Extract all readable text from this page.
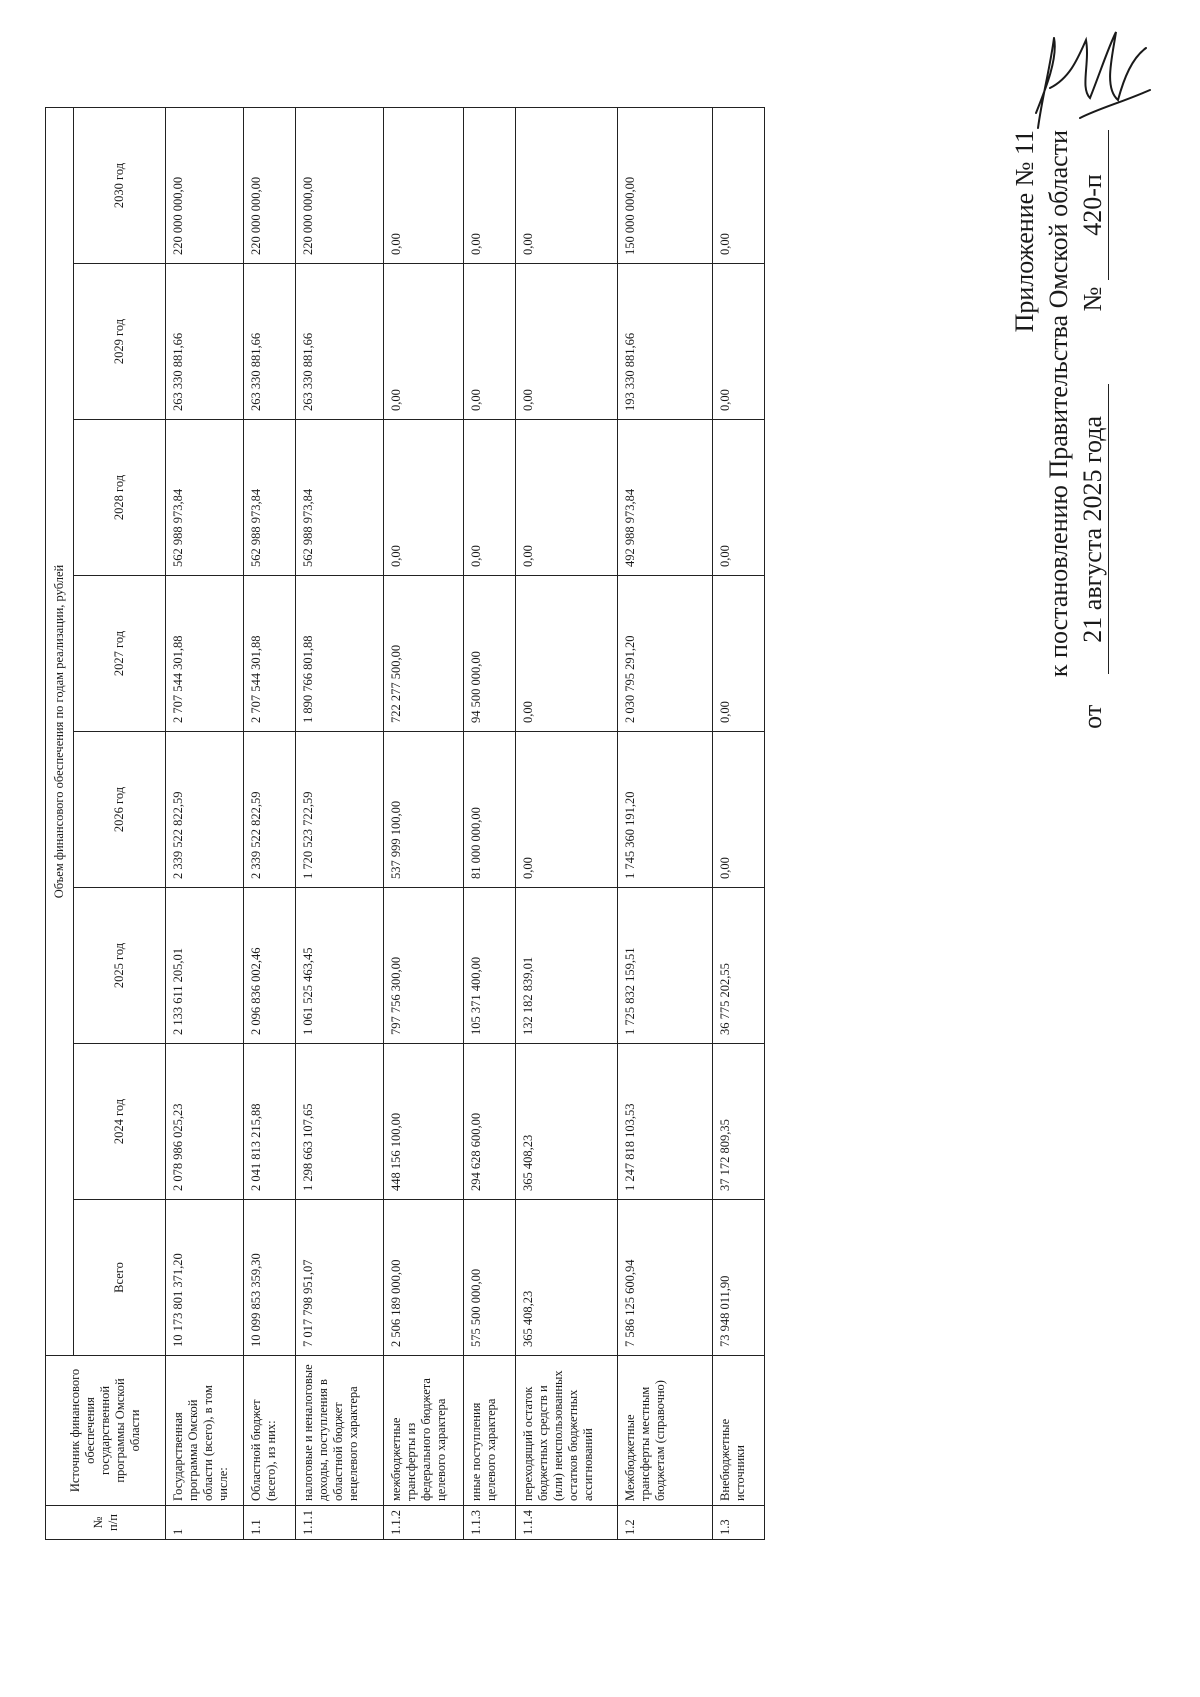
Приложение № 11 к постановлению Правительства Омской области
от 21 августа 2025 года  № 420-п
№ п/п	Источник финансового обеспечения государственной программы Омской области	Объем финансового обеспечения по годам реализации, рублей							
		Всего	2024 год	2025 год	2026 год	2027 год	2028 год	2029 год	2030 год
1	Государственная программа Омской области (всего), в том числе:	10 173 801 371,20	2 078 986 025,23	2 133 611 205,01	2 339 522 822,59	2 707 544 301,88	562 988 973,84	263 330 881,66	220 000 000,00
1.1	Областной бюджет (всего), из них:	10 099 853 359,30	2 041 813 215,88	2 096 836 002,46	2 339 522 822,59	2 707 544 301,88	562 988 973,84	263 330 881,66	220 000 000,00
1.1.1	налоговые и неналоговые доходы, поступления в областной бюджет нецелевого характера	7 017 798 951,07	1 298 663 107,65	1 061 525 463,45	1 720 523 722,59	1 890 766 801,88	562 988 973,84	263 330 881,66	220 000 000,00
1.1.2	межбюджетные трансферты из федерального бюджета целевого характера	2 506 189 000,00	448 156 100,00	797 756 300,00	537 999 100,00	722 277 500,00	0,00	0,00	0,00
1.1.3	иные поступления целевого характера	575 500 000,00	294 628 600,00	105 371 400,00	81 000 000,00	94 500 000,00	0,00	0,00	0,00
1.1.4	переходящий остаток бюджетных средств и (или) неиспользованных остатков бюджетных ассигнований	365 408,23	365 408,23	132 182 839,01	0,00	0,00	0,00	0,00	0,00
1.2	Межбюджетные трансферты местным бюджетам (справочно)	7 586 125 600,94	1 247 818 103,53	1 725 832 159,51	1 745 360 191,20	2 030 795 291,20	492 988 973,84	193 330 881,66	150 000 000,00
1.3	Внебюджетные источники	73 948 011,90	37 172 809,35	36 775 202,55	0,00	0,00	0,00	0,00	0,00
